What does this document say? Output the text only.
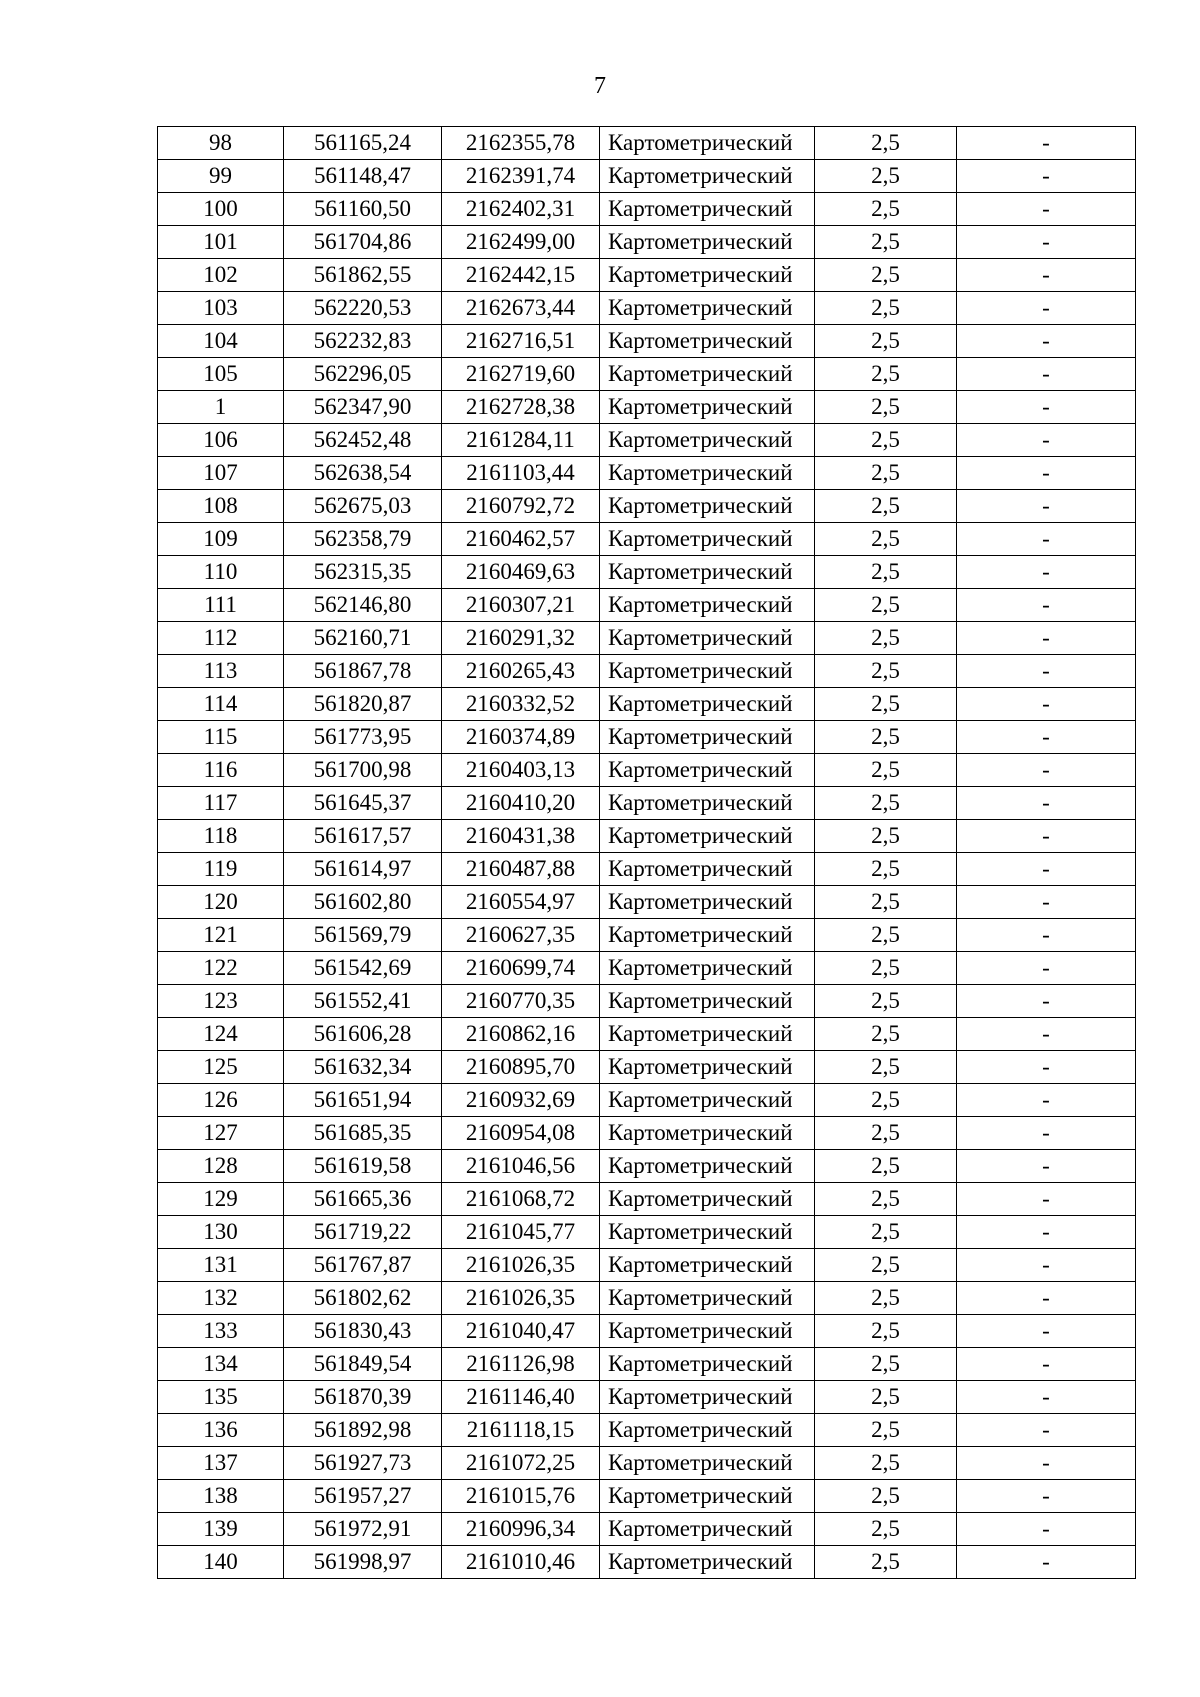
7
98	561165,24	2162355,78	Картометрический	2,5	-
99	561148,47	2162391,74	Картометрический	2,5	-
100	561160,50	2162402,31	Картометрический	2,5	-
101	561704,86	2162499,00	Картометрический	2,5	-
102	561862,55	2162442,15	Картометрический	2,5	-
103	562220,53	2162673,44	Картометрический	2,5	-
104	562232,83	2162716,51	Картометрический	2,5	-
105	562296,05	2162719,60	Картометрический	2,5	-
1	562347,90	2162728,38	Картометрический	2,5	-
106	562452,48	2161284,11	Картометрический	2,5	-
107	562638,54	2161103,44	Картометрический	2,5	-
108	562675,03	2160792,72	Картометрический	2,5	-
109	562358,79	2160462,57	Картометрический	2,5	-
110	562315,35	2160469,63	Картометрический	2,5	-
111	562146,80	2160307,21	Картометрический	2,5	-
112	562160,71	2160291,32	Картометрический	2,5	-
113	561867,78	2160265,43	Картометрический	2,5	-
114	561820,87	2160332,52	Картометрический	2,5	-
115	561773,95	2160374,89	Картометрический	2,5	-
116	561700,98	2160403,13	Картометрический	2,5	-
117	561645,37	2160410,20	Картометрический	2,5	-
118	561617,57	2160431,38	Картометрический	2,5	-
119	561614,97	2160487,88	Картометрический	2,5	-
120	561602,80	2160554,97	Картометрический	2,5	-
121	561569,79	2160627,35	Картометрический	2,5	-
122	561542,69	2160699,74	Картометрический	2,5	-
123	561552,41	2160770,35	Картометрический	2,5	-
124	561606,28	2160862,16	Картометрический	2,5	-
125	561632,34	2160895,70	Картометрический	2,5	-
126	561651,94	2160932,69	Картометрический	2,5	-
127	561685,35	2160954,08	Картометрический	2,5	-
128	561619,58	2161046,56	Картометрический	2,5	-
129	561665,36	2161068,72	Картометрический	2,5	-
130	561719,22	2161045,77	Картометрический	2,5	-
131	561767,87	2161026,35	Картометрический	2,5	-
132	561802,62	2161026,35	Картометрический	2,5	-
133	561830,43	2161040,47	Картометрический	2,5	-
134	561849,54	2161126,98	Картометрический	2,5	-
135	561870,39	2161146,40	Картометрический	2,5	-
136	561892,98	2161118,15	Картометрический	2,5	-
137	561927,73	2161072,25	Картометрический	2,5	-
138	561957,27	2161015,76	Картометрический	2,5	-
139	561972,91	2160996,34	Картометрический	2,5	-
140	561998,97	2161010,46	Картометрический	2,5	-
